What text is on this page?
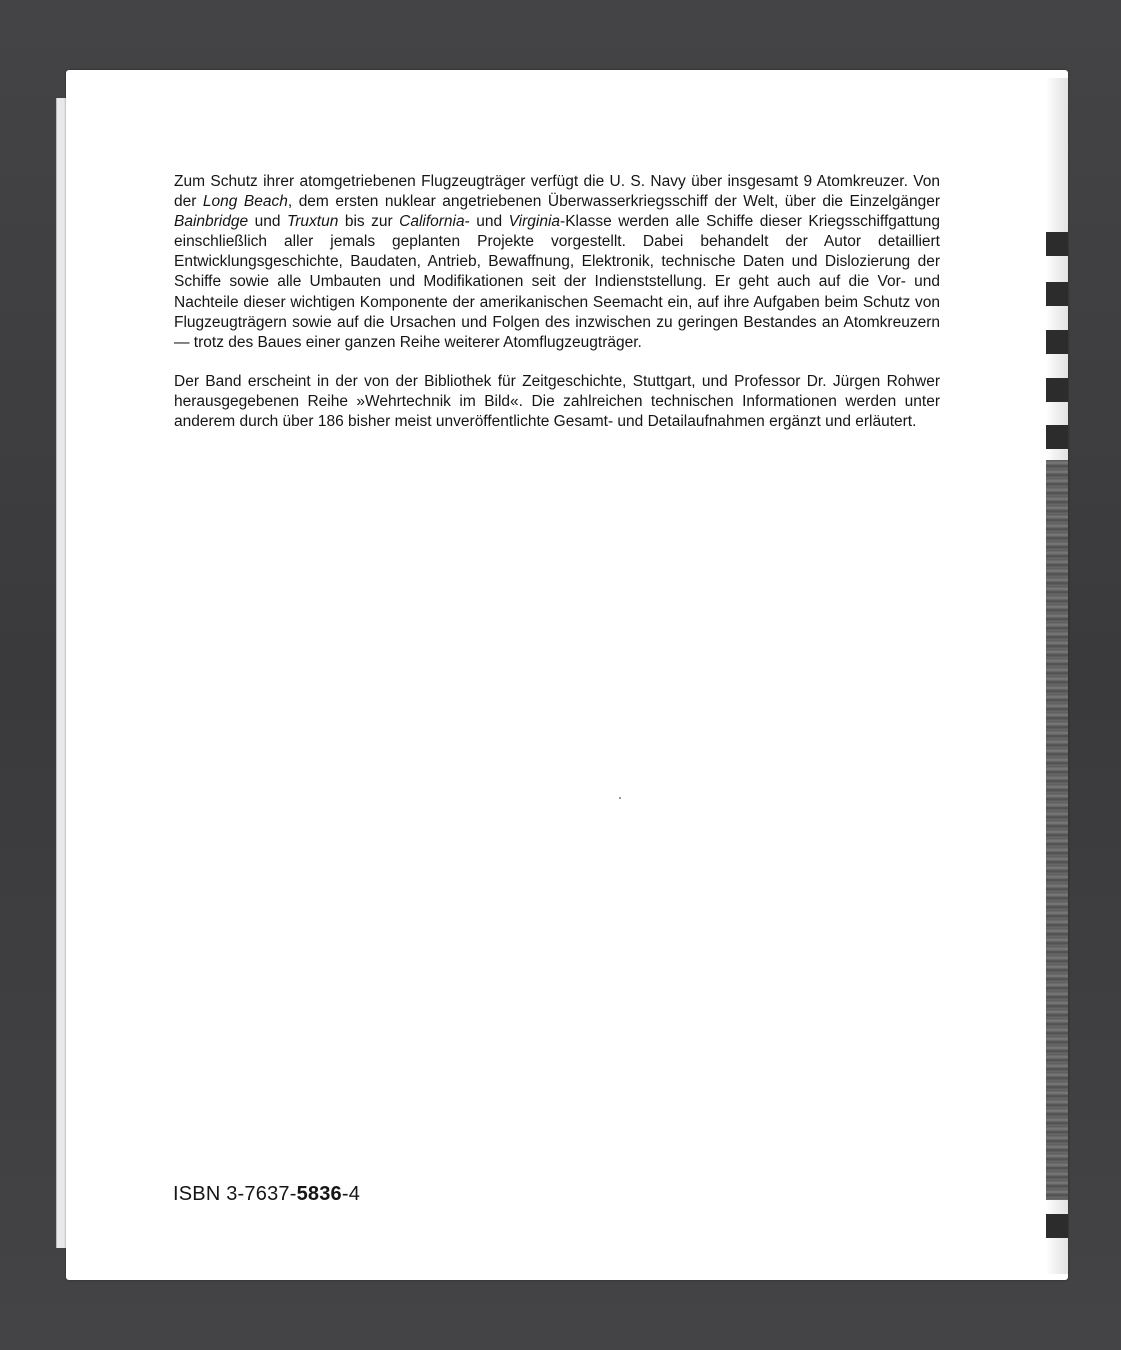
Zum Schutz ihrer atomgetriebenen Flugzeugträger verfügt die U. S. Navy über insgesamt 9 Atomkreuzer. Von der Long Beach, dem ersten nuklear angetriebenen Überwasserkriegsschiff der Welt, über die Einzelgänger Bainbridge und Truxtun bis zur California- und Virginia-Klasse werden alle Schiffe dieser Kriegsschiffgattung einschließlich aller jemals geplanten Projekte vorgestellt. Dabei behandelt der Autor detailliert Entwicklungsgeschichte, Baudaten, Antrieb, Bewaffnung, Elektronik, technische Daten und Dislozierung der Schiffe sowie alle Umbauten und Modifikationen seit der Indienststellung. Er geht auch auf die Vor- und Nachteile dieser wichtigen Komponente der amerikanischen Seemacht ein, auf ihre Aufgaben beim Schutz von Flugzeugträgern sowie auf die Ursachen und Folgen des inzwischen zu geringen Bestandes an Atomkreuzern — trotz des Baues einer ganzen Reihe weiterer Atomflugzeugträger.

Der Band erscheint in der von der Bibliothek für Zeitgeschichte, Stuttgart, und Professor Dr. Jürgen Rohwer herausgegebenen Reihe »Wehrtechnik im Bild«. Die zahlreichen technischen Informationen werden unter anderem durch über 186 bisher meist unveröffentlichte Gesamt- und Detailaufnahmen ergänzt und erläutert.

ISBN 3-7637-5836-4
